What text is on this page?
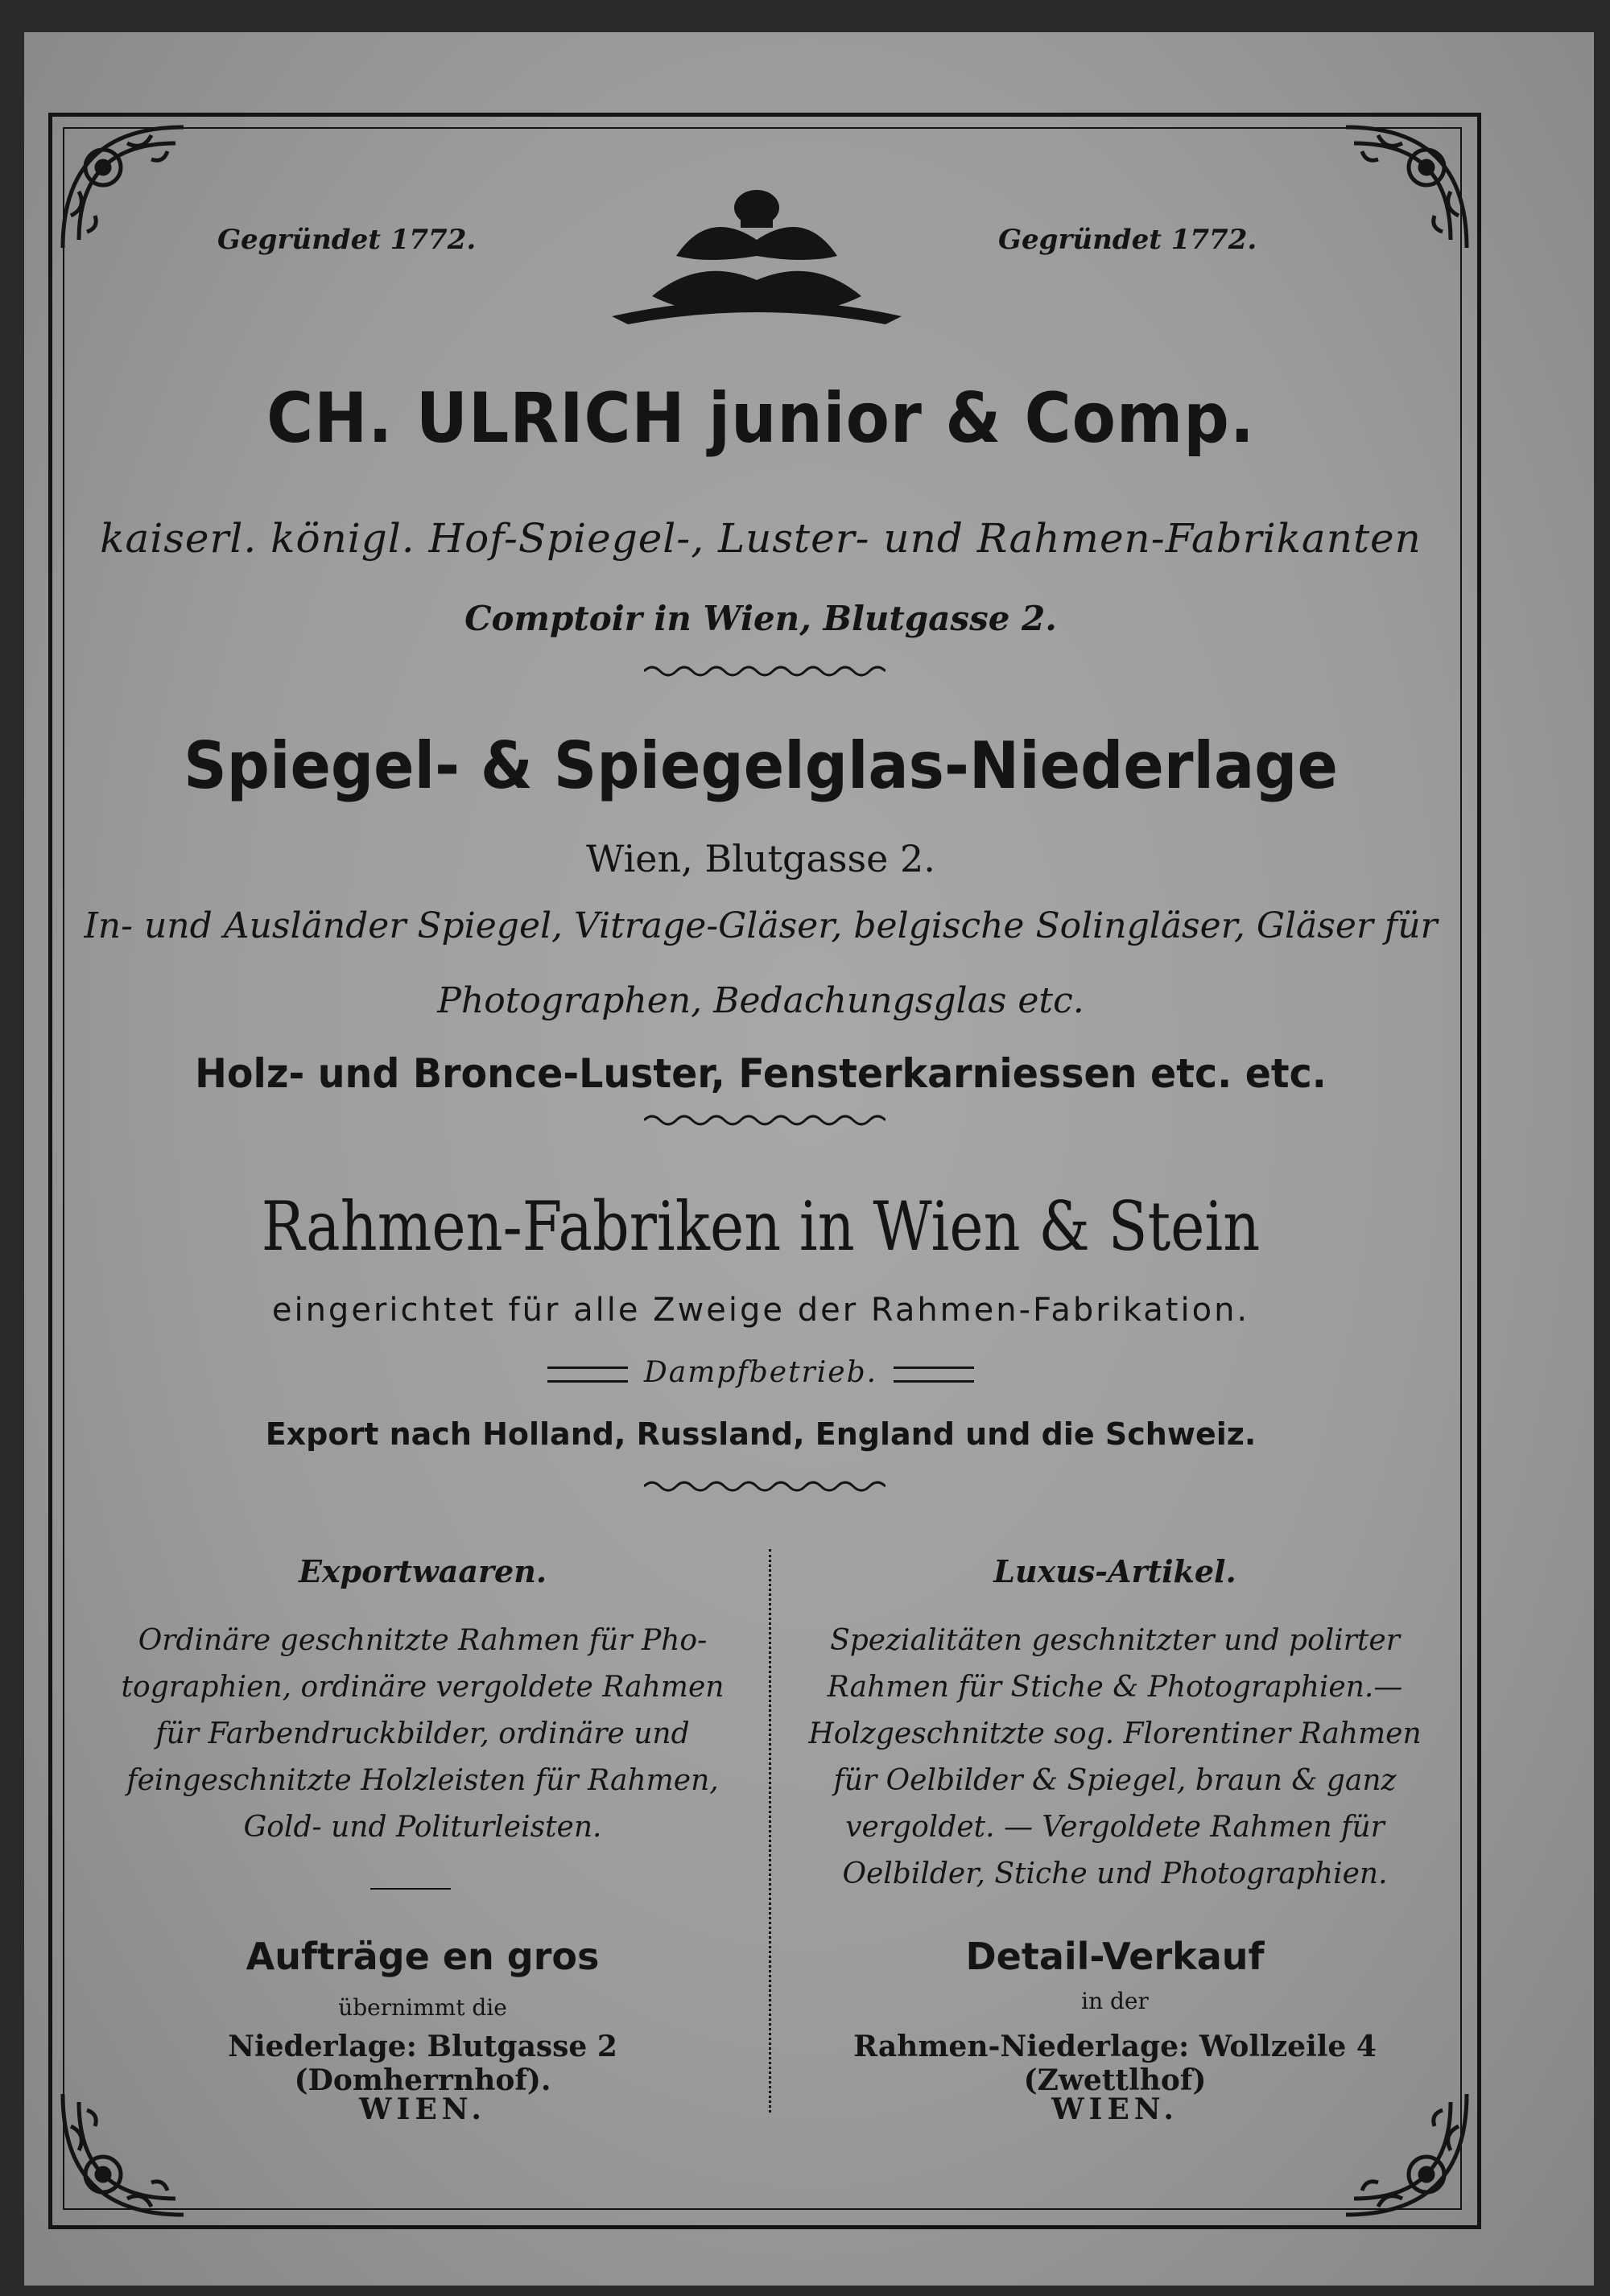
Gegründet 1772.	Gegründet 1772.
CH. ULRICH junior & Comp.
kaiserl. königl. Hof-Spiegel-, Luster- und Rahmen-Fabrikanten
Comptoir in Wien, Blutgasse 2.
Spiegel- & Spiegelglas-Niederlage
Wien, Blutgasse 2.
In- und Ausländer Spiegel, Vitrage-Gläser, belgische Solingläser, Gläser für
Photographen, Bedachungsglas etc.
Holz- und Bronce-Luster, Fensterkarniessen etc. etc.
Rahmen-Fabriken in Wien & Stein
eingerichtet für alle Zweige der Rahmen-Fabrikation.
Dampfbetrieb.
Export nach Holland, Russland, England und die Schweiz.
Exportwaaren.
Ordinäre geschnitzte Rahmen für Pho-
tographien, ordinäre vergoldete Rahmen
für Farbendruckbilder, ordinäre und
feingeschnitzte Holzleisten für Rahmen,
Gold- und Politurleisten.
Aufträge en gros
übernimmt die
Niederlage: Blutgasse 2 (Domherrnhof).
WIEN.
Luxus-Artikel.
Spezialitäten geschnitzter und polirter
Rahmen für Stiche & Photographien.—
Holzgeschnitzte sog. Florentiner Rahmen
für Oelbilder & Spiegel, braun & ganz
vergoldet. — Vergoldete Rahmen für
Oelbilder, Stiche und Photographien.
Detail-Verkauf
in der
Rahmen-Niederlage: Wollzeile 4 (Zwettlhof)
WIEN.
